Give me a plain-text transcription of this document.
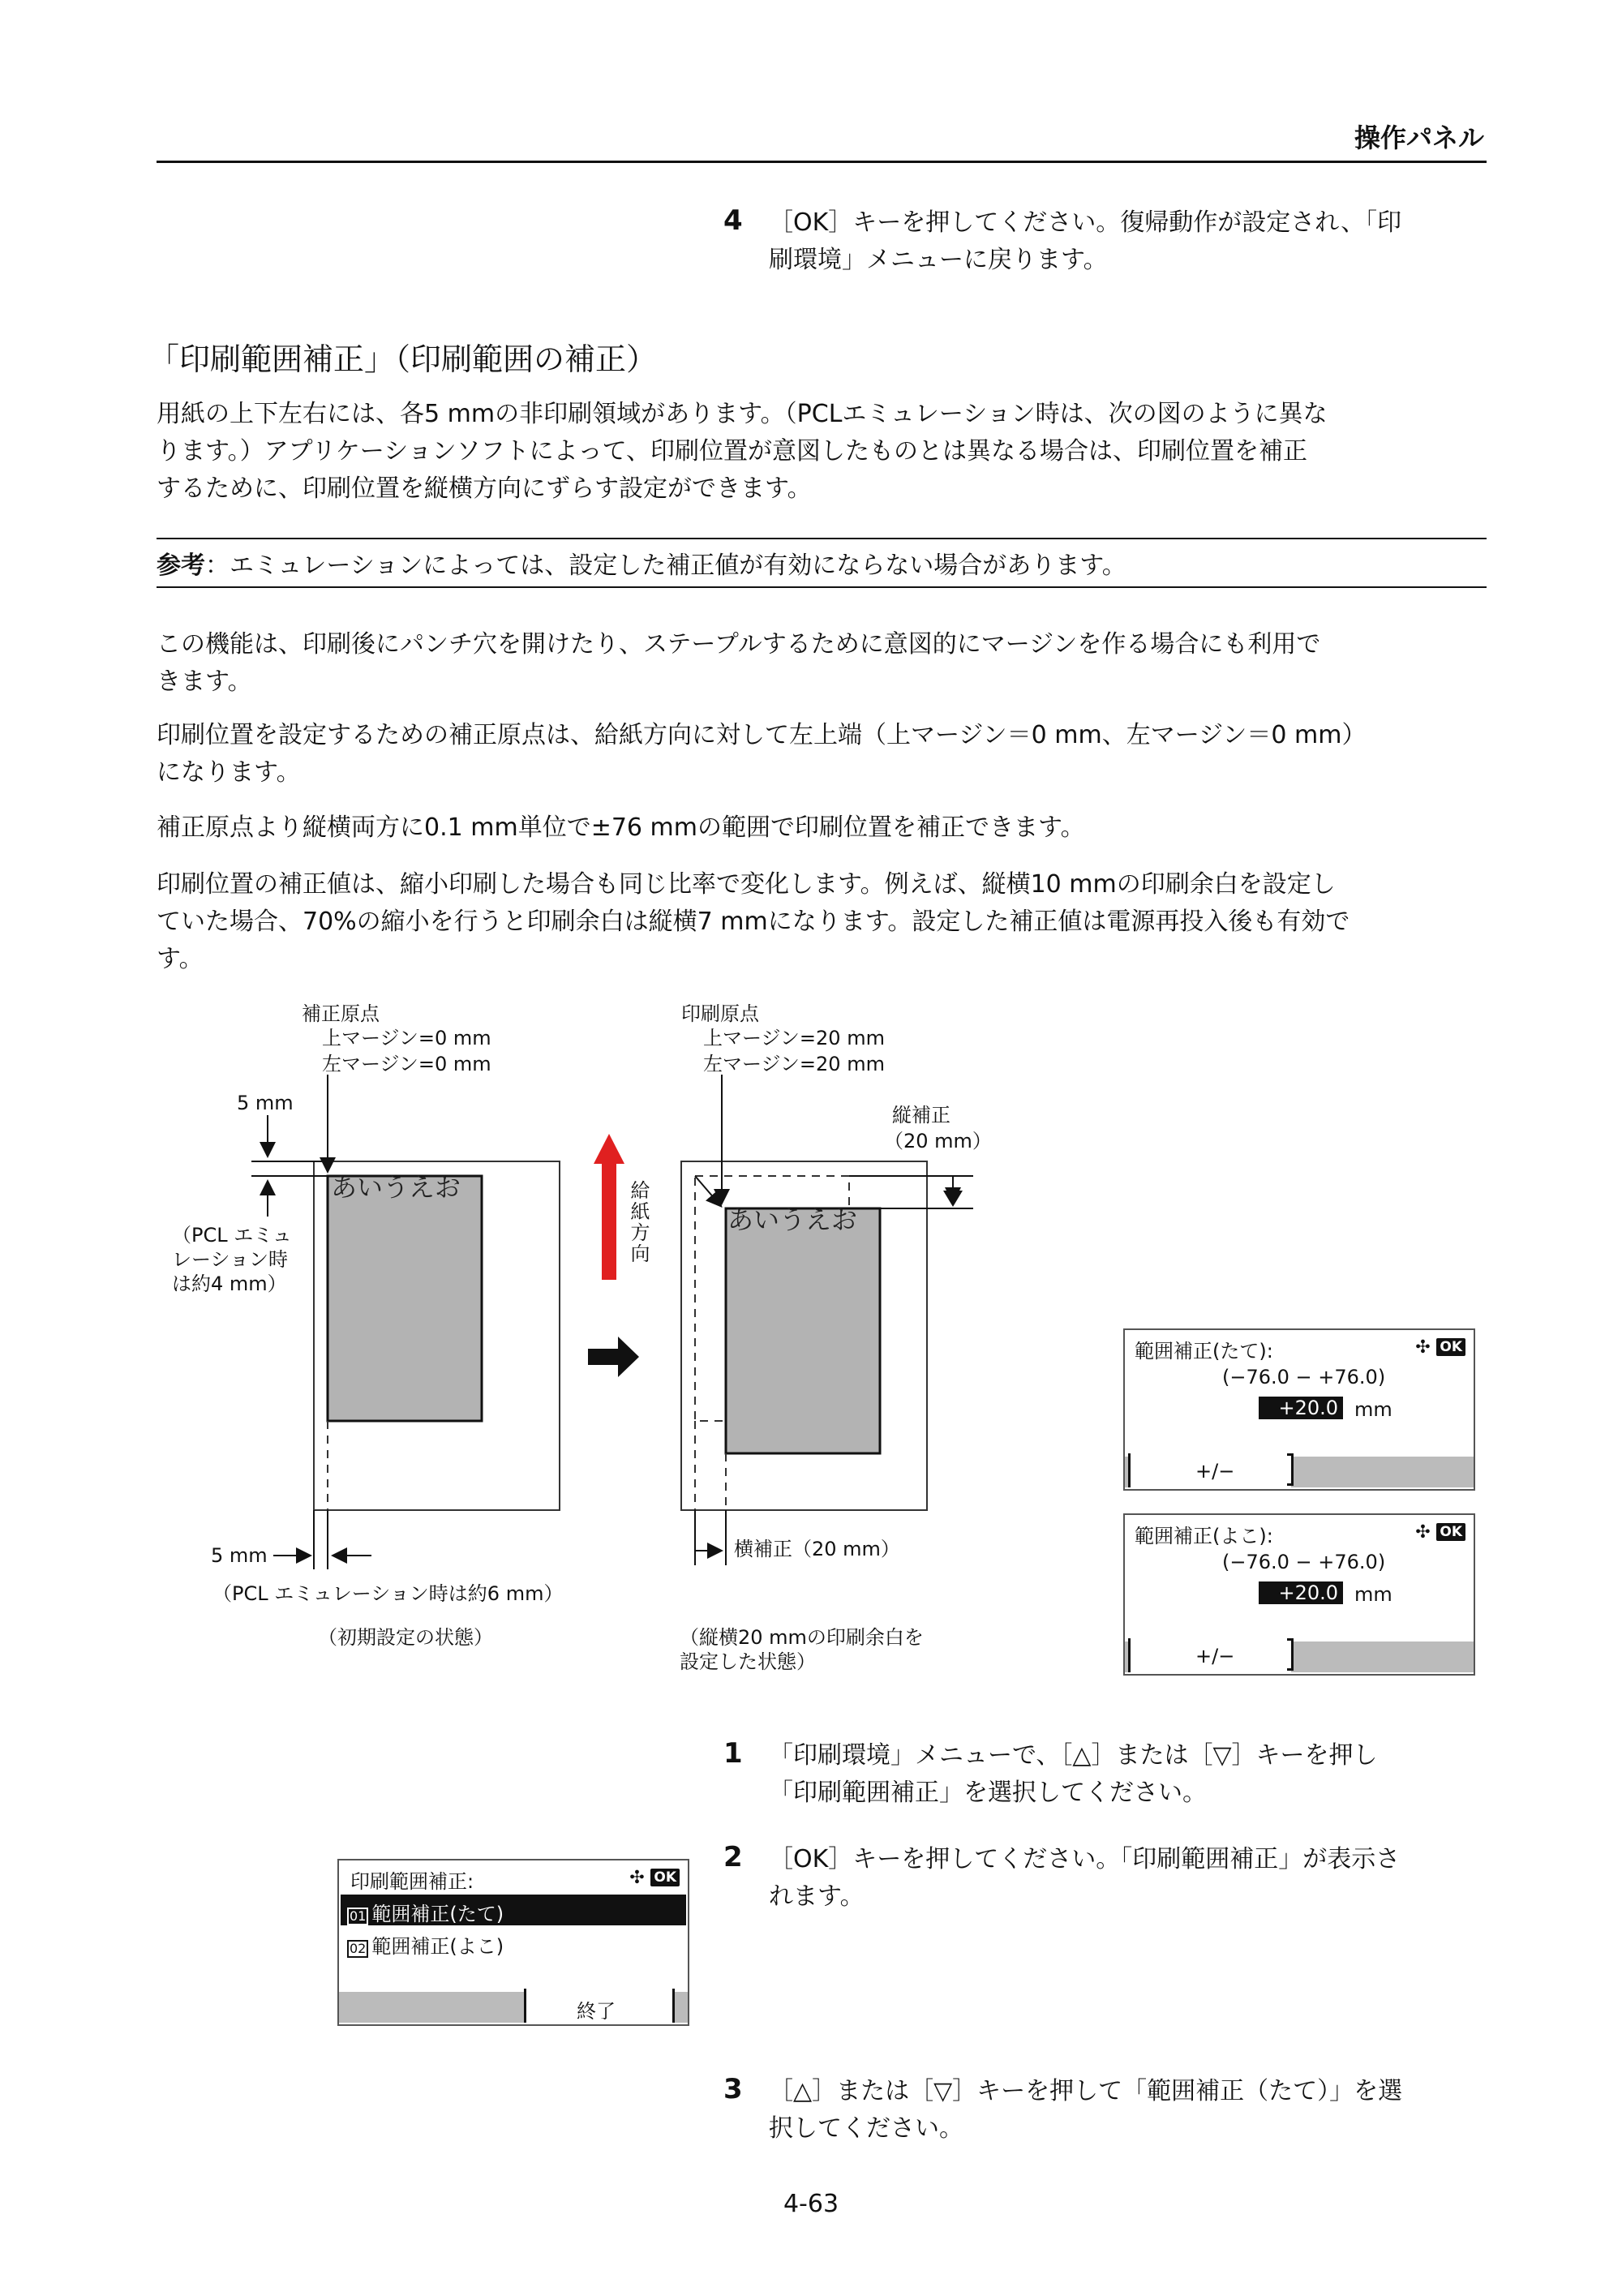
操作パネル
4 ［OK］キーを押してください。復帰動作が設定され、「印
刷環境」メニューに戻ります。
「印刷範囲補正」（印刷範囲の補正）
用紙の上下左右には、各5 mmの非印刷領域があります。（PCLエミュレーション時は、次の図のように異な
ります。）アプリケーションソフトによって、印刷位置が意図したものとは異なる場合は、印刷位置を補正
するために、印刷位置を縦横方向にずらす設定ができます。
参考：エミュレーションによっては、設定した補正値が有効にならない場合があります。
この機能は、印刷後にパンチ穴を開けたり、ステープルするために意図的にマージンを作る場合にも利用で
きます。
印刷位置を設定するための補正原点は、給紙方向に対して左上端（上マージン＝0 mm、左マージン＝0 mm）
になります。
補正原点より縦横両方に0.1 mm単位で±76 mmの範囲で印刷位置を補正できます。
印刷位置の補正値は、縮小印刷した場合も同じ比率で変化します。例えば、縦横10 mmの印刷余白を設定し
ていた場合、70%の縮小を行うと印刷余白は縦横7 mmになります。設定した補正値は電源再投入後も有効で
す。
補正原点
上マージン=0 mm
左マージン=0 mm
5 mm
あいうえお
（PCL エミュ
レーション時
は約4 mm）
5 mm
（PCL エミュレーション時は約6 mm）
（初期設定の状態）
給紙方向
印刷原点
上マージン=20 mm
左マージン=20 mm
縦補正
（20 mm）
あいうえお
横補正（20 mm）
（縦横20 mmの印刷余白を
設定した状態）
範囲補正(たて):	✣ OK
(−76.0 − +76.0)
+20.0 mm
+/−
範囲補正(よこ):	✣ OK
(−76.0 − +76.0)
+20.0 mm
+/−
1 「印刷環境」メニューで、［△］または［▽］キーを押し
「印刷範囲補正」を選択してください。
印刷範囲補正:	✣ OK
01 範囲補正(たて)
02 範囲補正(よこ)
終了
2 ［OK］キーを押してください。「印刷範囲補正」が表示さ
れます。
3 ［△］または［▽］キーを押して「範囲補正（たて）」を選
択してください。
4-63
